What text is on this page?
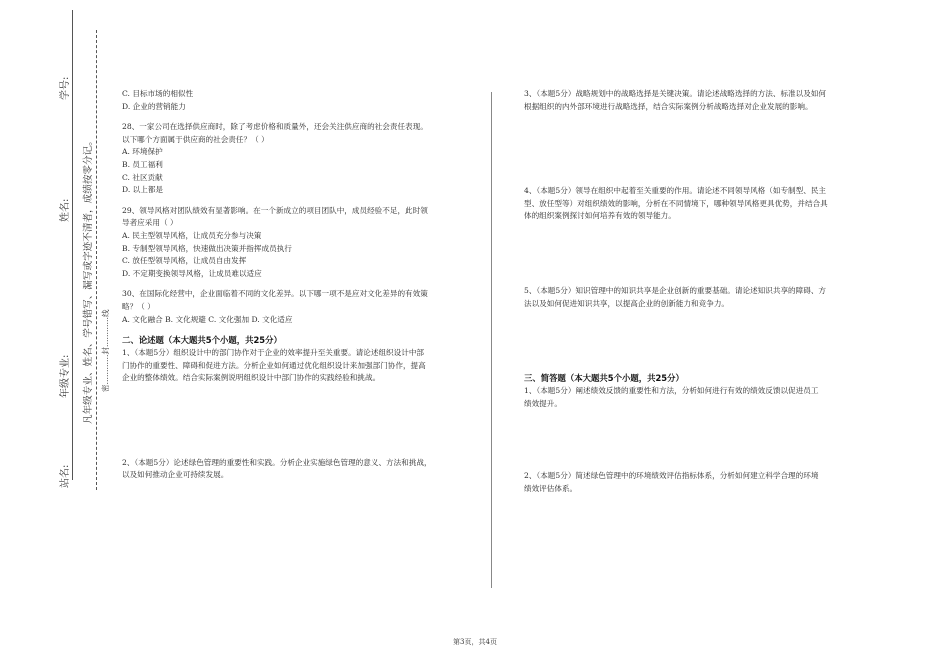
学号:
姓名:
年级专业:
站名:
凡年级专业、姓名、学号错写、漏写或字迹不清者，成绩按零分记。 密…………封…………线

C. 目标市场的相似性

D. 企业的营销能力

28、一家公司在选择供应商时，除了考虑价格和质量外，还会关注供应商的社会责任表现。

以下哪个方面属于供应商的社会责任？（ ）

A. 环境保护

B. 员工福利

C. 社区贡献

D. 以上都是

29、领导风格对团队绩效有显著影响。在一个新成立的项目团队中，成员经验不足，此时领

导者应采用（ ）

A. 民主型领导风格，让成员充分参与决策

B. 专制型领导风格，快速做出决策并指挥成员执行

C. 放任型领导风格，让成员自由发挥

D. 不定期变换领导风格，让成员难以适应

30、在国际化经营中，企业面临着不同的文化差异。以下哪一项不是应对文化差异的有效策

略？（ ）

A. 文化融合 B. 文化规避 C. 文化强加 D. 文化适应

二、论述题（本大题共5个小题，共25分）

1、（本题5分）组织设计中的部门协作对于企业的效率提升至关重要。请论述组织设计中部

门协作的重要性、障碍和促进方法。分析企业如何通过优化组织设计来加强部门协作，提高

企业的整体绩效。结合实际案例说明组织设计中部门协作的实践经验和挑战。

2、（本题5分）论述绿色管理的重要性和实践。分析企业实施绿色管理的意义、方法和挑战，

以及如何推动企业可持续发展。

3、（本题5分）战略规划中的战略选择是关键决策。请论述战略选择的方法、标准以及如何

根据组织的内外部环境进行战略选择，结合实际案例分析战略选择对企业发展的影响。

4、（本题5分）领导在组织中起着至关重要的作用。请论述不同领导风格（如专制型、民主

型、放任型等）对组织绩效的影响，分析在不同情境下，哪种领导风格更具优势，并结合具

体的组织案例探讨如何培养有效的领导能力。

5、（本题5分）知识管理中的知识共享是企业创新的重要基础。请论述知识共享的障碍、方

法以及如何促进知识共享，以提高企业的创新能力和竞争力。

三、简答题（本大题共5个小题，共25分）

1、（本题5分）阐述绩效反馈的重要性和方法，分析如何进行有效的绩效反馈以促进员工

绩效提升。

2、（本题5分）简述绿色管理中的环境绩效评估指标体系，分析如何建立科学合理的环境

绩效评估体系。

第3页，共4页
